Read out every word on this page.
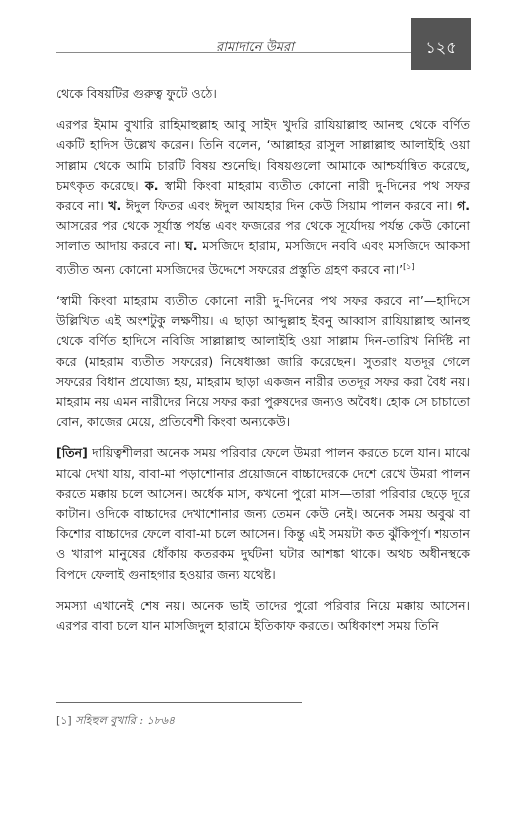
রামাদানে উমরা	১২৫

থেকে বিষয়টির গুরুত্ব ফুটে ওঠে।

এরপর ইমাম বুখারি রাহিমাহুল্লাহ আবু সাইদ খুদরি রাযিয়াল্লাহু আনহু থেকে বর্ণিত একটি হাদিস উল্লেখ করেন। তিনি বলেন, ‘আল্লাহর রাসুল সাল্লাল্লাহু আলাইহি ওয়া সাল্লাম থেকে আমি চারটি বিষয় শুনেছি। বিষয়গুলো আমাকে আশ্চর্যান্বিত করেছে, চমৎকৃত করেছে। ক. স্বামী কিংবা মাহরাম ব্যতীত কোনো নারী দু-দিনের পথ সফর করবে না। খ. ঈদুল ফিতর এবং ঈদুল আযহার দিন কেউ সিয়াম পালন করবে না। গ. আসরের পর থেকে সূর্যাস্ত পর্যন্ত এবং ফজরের পর থেকে সূর্যোদয় পর্যন্ত কেউ কোনো সালাত আদায় করবে না। ঘ. মসজিদে হারাম, মসজিদে নববি এবং মসজিদে আকসা ব্যতীত অন্য কোনো মসজিদের উদ্দেশে সফরের প্রস্তুতি গ্রহণ করবে না।’[১]

‘স্বামী কিংবা মাহরাম ব্যতীত কোনো নারী দু-দিনের পথ সফর করবে না’—হাদিসে উল্লিখিত এই অংশটুকু লক্ষণীয়। এ ছাড়া আব্দুল্লাহ ইবনু আব্বাস রাযিয়াল্লাহু আনহু থেকে বর্ণিত হাদিসে নবিজি সাল্লাল্লাহু আলাইহি ওয়া সাল্লাম দিন-তারিখ নির্দিষ্ট না করে (মাহরাম ব্যতীত সফরের) নিষেধাজ্ঞা জারি করেছেন। সুতরাং যতদূর গেলে সফরের বিধান প্রযোজ্য হয়, মাহরাম ছাড়া একজন নারীর ততদূর সফর করা বৈধ নয়। মাহরাম নয় এমন নারীদের নিয়ে সফর করা পুরুষদের জন্যও অবৈধ। হোক সে চাচাতো বোন, কাজের মেয়ে, প্রতিবেশী কিংবা অন্যকেউ।

[তিন] দায়িত্বশীলরা অনেক সময় পরিবার ফেলে উমরা পালন করতে চলে যান। মাঝে মাঝে দেখা যায়, বাবা-মা পড়াশোনার প্রয়োজনে বাচ্চাদেরকে দেশে রেখে উমরা পালন করতে মক্কায় চলে আসেন। অর্ধেক মাস, কখনো পুরো মাস—তারা পরিবার ছেড়ে দূরে কাটান। ওদিকে বাচ্চাদের দেখাশোনার জন্য তেমন কেউ নেই। অনেক সময় অবুঝ বা কিশোর বাচ্চাদের ফেলে বাবা-মা চলে আসেন। কিন্তু এই সময়টা কত ঝুঁকিপূর্ণ। শয়তান ও খারাপ মানুষের ধোঁকায় কতরকম দুর্ঘটনা ঘটার আশঙ্কা থাকে। অথচ অধীনস্থকে বিপদে ফেলাই গুনাহগার হওয়ার জন্য যথেষ্ট।

সমস্যা এখানেই শেষ নয়। অনেক ভাই তাদের পুরো পরিবার নিয়ে মক্কায় আসেন। এরপর বাবা চলে যান মাসজিদুল হারামে ইতিকাফ করতে। অধিকাংশ সময় তিনি

[১] সহিহুল বুখারি : ১৮৬৪
